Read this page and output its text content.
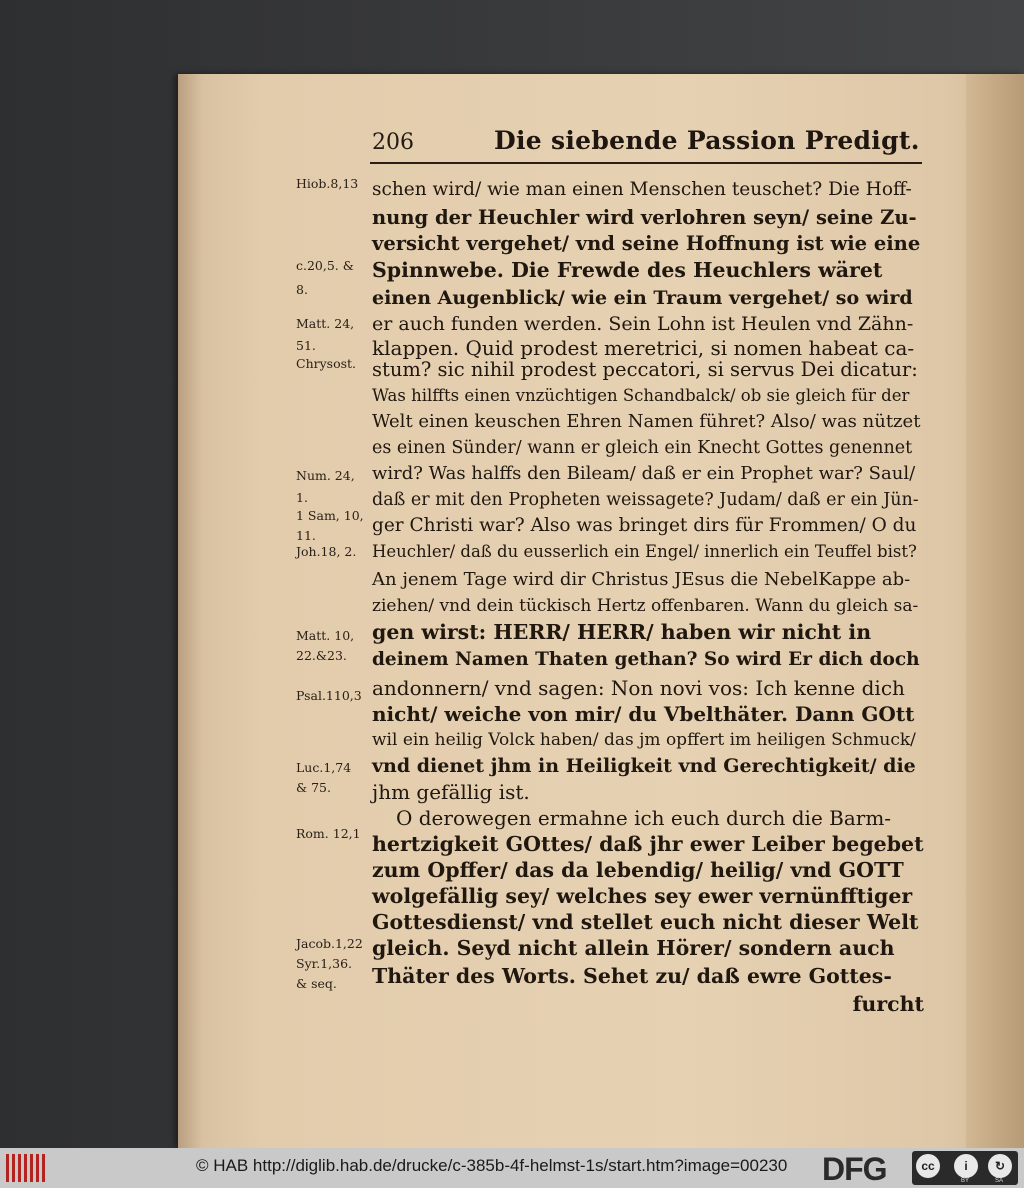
206	Die siebende Passion Predigt.
Hiob.8,13
c.20,5. &
8.
Matt. 24,
51.
Chrysost.
Num. 24,
1.
1 Sam, 10,
11.
Joh.18, 2.
Matt. 10,
22.&23.
Psal.110,3
Luc.1,74
& 75.
Rom. 12,1
Jacob.1,22
Syr.1,36.
& seq.
schen wird/ wie man einen Menschen teuschet? Die Hoff-
nung der Heuchler wird verlohren seyn/ seine Zu-
versicht vergehet/ vnd seine Hoffnung ist wie eine
Spinnwebe. Die Frewde des Heuchlers wäret
einen Augenblick/ wie ein Traum vergehet/ so wird
er auch funden werden. Sein Lohn ist Heulen vnd Zähn-
klappen. Quid prodest meretrici, si nomen habeat ca-
stum? sic nihil prodest peccatori, si servus Dei dicatur:
Was hilffts einen vnzüchtigen Schandbalck/ ob sie gleich für der
Welt einen keuschen Ehren Namen führet? Also/ was nützet
es einen Sünder/ wann er gleich ein Knecht Gottes genennet
wird? Was halffs den Bileam/ daß er ein Prophet war? Saul/
daß er mit den Propheten weissagete? Judam/ daß er ein Jün-
ger Christi war? Also was bringet dirs für Frommen/ O du
Heuchler/ daß du eusserlich ein Engel/ innerlich ein Teuffel bist?
An jenem Tage wird dir Christus JEsus die NebelKappe ab-
ziehen/ vnd dein tückisch Hertz offenbaren. Wann du gleich sa-
gen wirst: HERR/ HERR/ haben wir nicht in
deinem Namen Thaten gethan? So wird Er dich doch
andonnern/ vnd sagen: Non novi vos: Ich kenne dich
nicht/ weiche von mir/ du Vbelthäter. Dann GOtt
wil ein heilig Volck haben/ das jm opffert im heiligen Schmuck/
vnd dienet jhm in Heiligkeit vnd Gerechtigkeit/ die
jhm gefällig ist.
O derowegen ermahne ich euch durch die Barm-
hertzigkeit GOttes/ daß jhr ewer Leiber begebet
zum Opffer/ das da lebendig/ heilig/ vnd GOTT
wolgefällig sey/ welches sey ewer vernünfftiger
Gottesdienst/ vnd stellet euch nicht dieser Welt
gleich. Seyd nicht allein Hörer/ sondern auch
Thäter des Worts. Sehet zu/ daß ewre Gottes-
furcht
© HAB http://diglib.hab.de/drucke/c-385b-4f-helmst-1s/start.htm?image=00230 DFG	cc	i	↻
BY	SA
